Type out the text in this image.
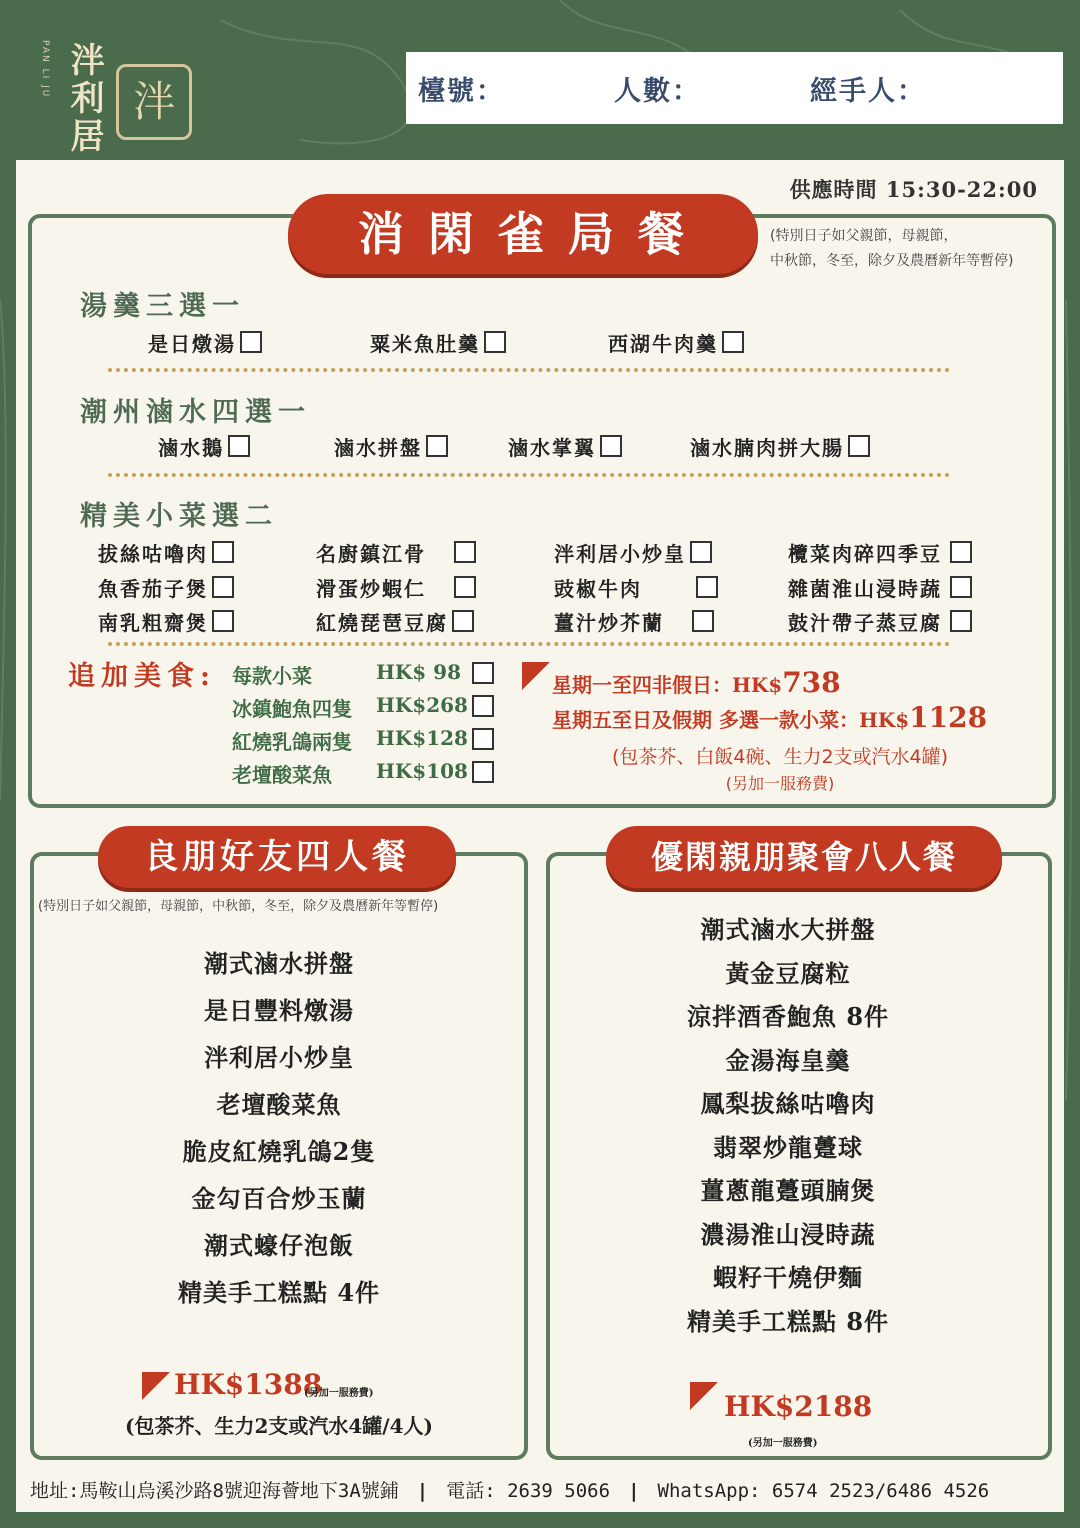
PAN LI JU 泮利居 泮	檯號：	人數：	經手人：
供應時間 15:30-22:00
消 閑 雀 局 餐	(特別日子如父親節，母親節，
中秋節，冬至，除夕及農曆新年等暫停)
湯羹三選一
是日燉湯	粟米魚肚羹	西湖牛肉羹
潮州滷水四選一
滷水鵝	滷水拼盤	滷水掌翼	滷水腩肉拼大腸
精美小菜選二
拔絲咕嚕肉	名廚鎮江骨	泮利居小炒皇	欖菜肉碎四季豆
魚香茄子煲	滑蛋炒蝦仁	豉椒牛肉	雜菌淮山浸時蔬
南乳粗齋煲	紅燒琵琶豆腐	薑汁炒芥蘭	鼓汁帶子蒸豆腐
追加美食: 每款小菜	HK$ 98
冰鎮鮑魚四隻 HK$268
紅燒乳鴿兩隻 HK$128
老壇酸菜魚 HK$108
星期一至四非假日：HK$738
星期五至日及假期 多選一款小菜：HK$1128
(包茶芥、白飯4碗、生力2支或汽水4罐)
(另加一服務費)
良朋好友四人餐
(特別日子如父親節，母親節，中秋節，冬至，除夕及農曆新年等暫停)
潮式滷水拼盤
是日豐料燉湯
泮利居小炒皇
老壇酸菜魚
脆皮紅燒乳鴿2隻
金勾百合炒玉蘭
潮式蠔仔泡飯
精美手工糕點 4件
HK$1388
(另加一服務費)
(包茶芥、生力2支或汽水4罐/4人)
優閑親朋聚會八人餐
潮式滷水大拼盤
黃金豆腐粒
涼拌酒香鮑魚 8件
金湯海皇羹
鳳梨拔絲咕嚕肉
翡翠炒龍躉球
薑蔥龍躉頭腩煲
濃湯淮山浸時蔬
蝦籽干燒伊麵
精美手工糕點 8件
HK$2188
(另加一服務費)
地址:馬鞍山烏溪沙路8號迎海薈地下3A號鋪 | 電話: 2639 5066 | WhatsApp: 6574 2523/6486 4526
